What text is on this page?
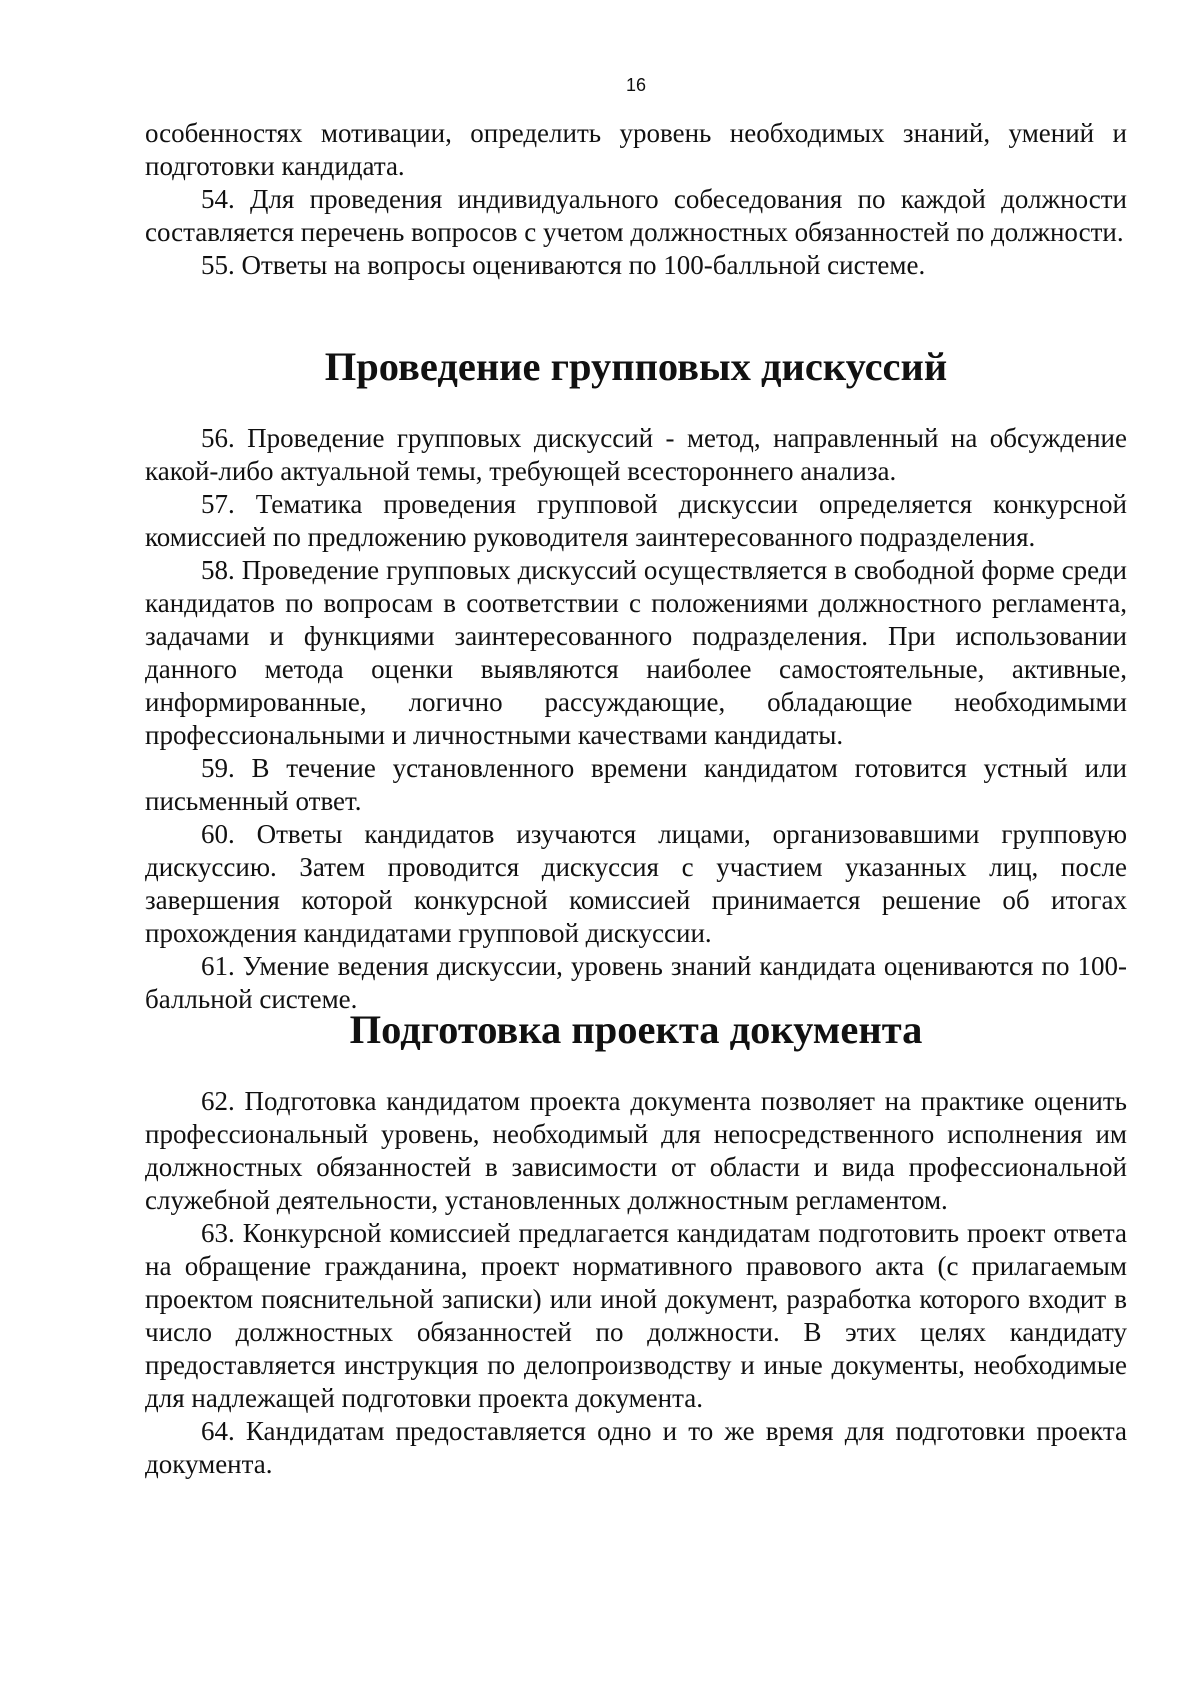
16

особенностях мотивации, определить уровень необходимых знаний, умений и подготовки кандидата.

54. Для проведения индивидуального собеседования по каждой должности составляется перечень вопросов с учетом должностных обязанностей по должности.

55. Ответы на вопросы оцениваются по 100-балльной системе.

Проведение групповых дискуссий

56. Проведение групповых дискуссий - метод, направленный на обсуждение какой-либо актуальной темы, требующей всестороннего анализа.

57. Тематика проведения групповой дискуссии определяется конкурсной комиссией по предложению руководителя заинтересованного подразделения.

58. Проведение групповых дискуссий осуществляется в свободной форме среди кандидатов по вопросам в соответствии с положениями должностного регламента, задачами и функциями заинтересованного подразделения. При использовании данного метода оценки выявляются наиболее самостоятельные, активные, информированные, логично рассуждающие, обладающие необходимыми профессиональными и личностными качествами кандидаты.

59. В течение установленного времени кандидатом готовится устный или письменный ответ.

60. Ответы кандидатов изучаются лицами, организовавшими групповую дискуссию. Затем проводится дискуссия с участием указанных лиц, после завершения которой конкурсной комиссией принимается решение об итогах прохождения кандидатами групповой дискуссии.

61. Умение ведения дискуссии, уровень знаний кандидата оцениваются по 100-балльной системе.

Подготовка проекта документа

62. Подготовка кандидатом проекта документа позволяет на практике оценить профессиональный уровень, необходимый для непосредственного исполнения им должностных обязанностей в зависимости от области и вида профессиональной служебной деятельности, установленных должностным регламентом.

63. Конкурсной комиссией предлагается кандидатам подготовить проект ответа на обращение гражданина, проект нормативного правового акта (с прилагаемым проектом пояснительной записки) или иной документ, разработка которого входит в число должностных обязанностей по должности. В этих целях кандидату предоставляется инструкция по делопроизводству и иные документы, необходимые для надлежащей подготовки проекта документа.

64. Кандидатам предоставляется одно и то же время для подготовки проекта документа.
